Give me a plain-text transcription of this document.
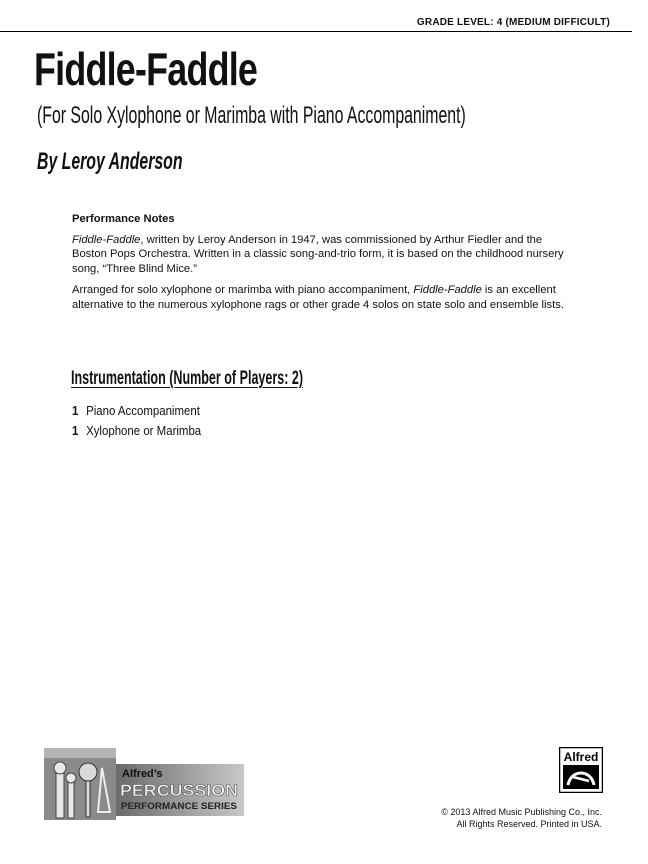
GRADE LEVEL: 4 (MEDIUM DIFFICULT)
Fiddle-Faddle
(For Solo Xylophone or Marimba with Piano Accompaniment)
By Leroy Anderson
Performance Notes

Fiddle-Faddle, written by Leroy Anderson in 1947, was commissioned by Arthur Fiedler and the Boston Pops Orchestra. Written in a classic song-and-trio form, it is based on the childhood nursery song, “Three Blind Mice.”

Arranged for solo xylophone or marimba with piano accompaniment, Fiddle-Faddle is an excellent alternative to the numerous xylophone rags or other grade 4 solos on state solo and ensemble lists.

Instrumentation (Number of Players: 2)
1 Piano Accompaniment
1 Xylophone or Marimba
Alfred’s
PERCUSSION
PERFORMANCE SERIES
Alfred
© 2013 Alfred Music Publishing Co., Inc.
All Rights Reserved. Printed in USA.
